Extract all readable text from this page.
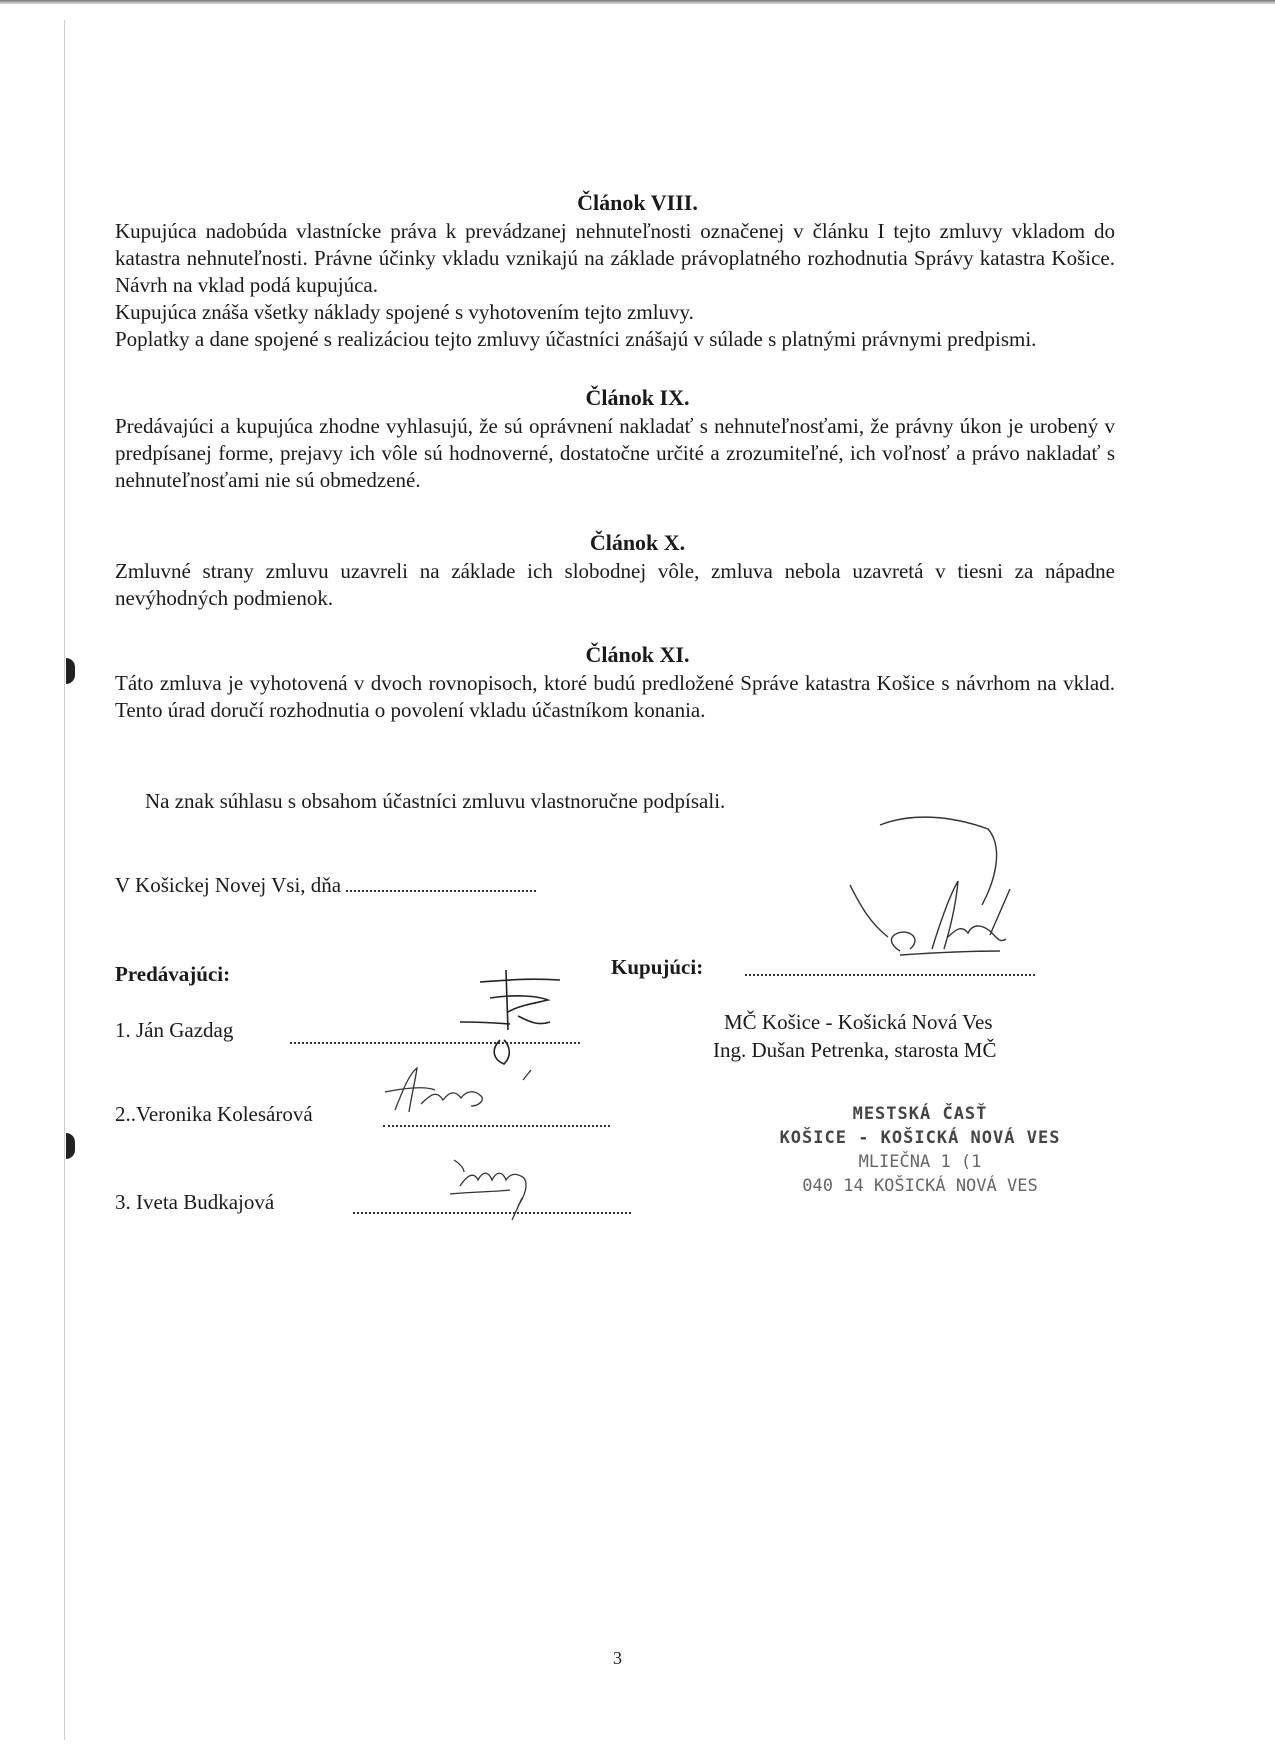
Článok VIII.
Kupujúca nadobúda vlastnícke práva k prevádzanej nehnuteľnosti označenej v článku I tejto zmluvy vkladom do katastra nehnuteľnosti. Právne účinky vkladu vznikajú na základe právoplatného rozhodnutia Správy katastra Košice. Návrh na vklad podá kupujúca.
Kupujúca znáša všetky náklady spojené s vyhotovením tejto zmluvy.
Poplatky a dane spojené s realizáciou tejto zmluvy účastníci znášajú v súlade s platnými právnymi predpismi.
Článok IX.
Predávajúci a kupujúca zhodne vyhlasujú, že sú oprávnení nakladať s nehnuteľnosťami, že právny úkon je urobený v predpísanej forme, prejavy ich vôle sú hodnoverné, dostatočne určité a zrozumiteľné, ich voľnosť a právo nakladať s nehnuteľnosťami nie sú obmedzené.
Článok X.
Zmluvné strany zmluvu uzavreli na základe ich slobodnej vôle, zmluva nebola uzavretá v tiesni za nápadne nevýhodných podmienok.
Článok XI.
Táto zmluva je vyhotovená v dvoch rovnopisoch, ktoré budú predložené Správe katastra Košice s návrhom na vklad. Tento úrad doručí rozhodnutia o povolení vkladu účastníkom konania.
Na znak súhlasu s obsahom účastníci zmluvu vlastnoručne podpísali.
V Košickej Novej Vsi, dňa
Predávajúci:
1. Ján Gazdag
2..Veronika Kolesárová
3. Iveta Budkajová
Kupujúci:
MČ Košice - Košická Nová Ves
Ing. Dušan Petrenka, starosta MČ
MESTSKÁ ČASŤ
KOŠICE - KOŠICKÁ NOVÁ VES
MLIEČNA 1 (1
040 14 KOŠICKÁ NOVÁ VES
3
